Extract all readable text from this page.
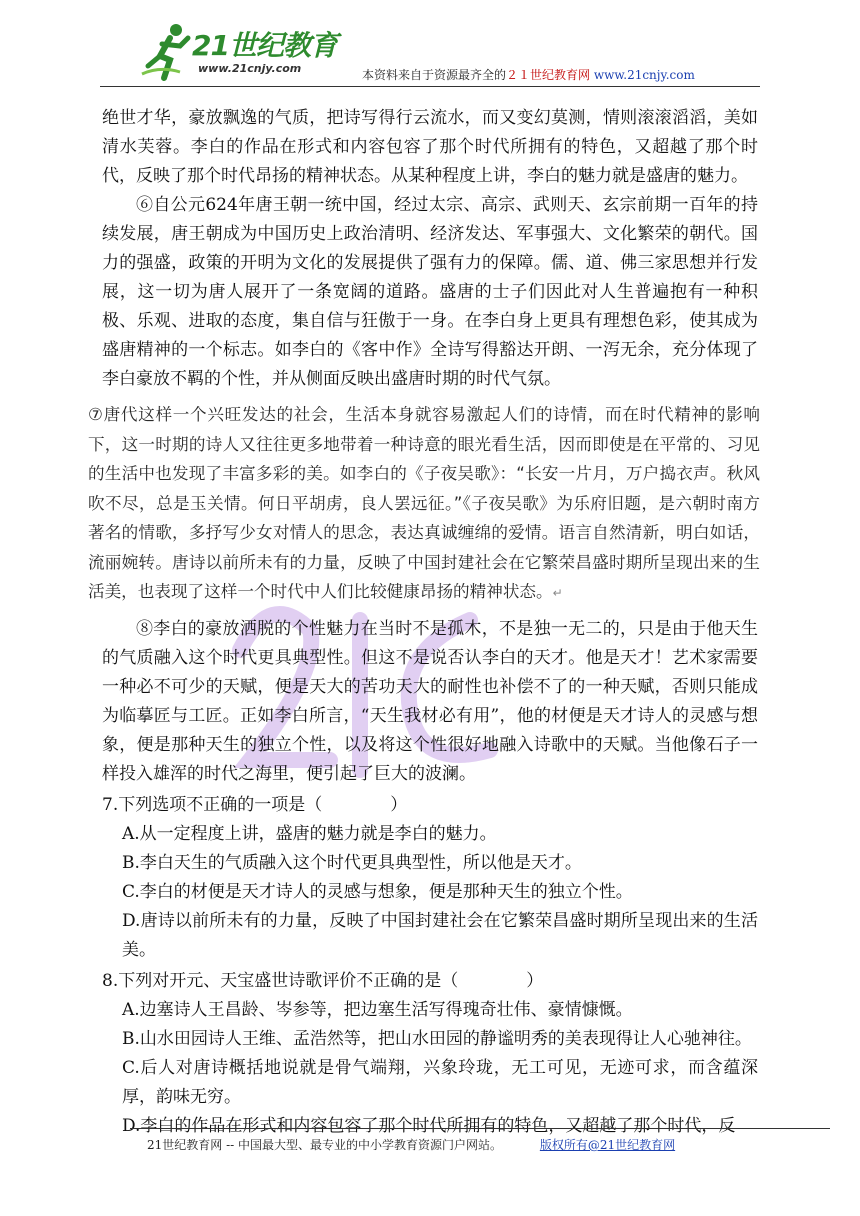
21世纪教育
www.21cnjy.com	本资料来自于资源最齐全的２１世纪教育网 www.21cnjy.com

绝世才华，豪放飘逸的气质，把诗写得行云流水，而又变幻莫测，情则滚滚滔滔，美如清水芙蓉。李白的作品在形式和内容包容了那个时代所拥有的特色，又超越了那个时代，反映了那个时代昂扬的精神状态。从某种程度上讲，李白的魅力就是盛唐的魅力。

⑥自公元624年唐王朝一统中国，经过太宗、高宗、武则天、玄宗前期一百年的持续发展，唐王朝成为中国历史上政治清明、经济发达、军事强大、文化繁荣的朝代。国力的强盛，政策的开明为文化的发展提供了强有力的保障。儒、道、佛三家思想并行发展，这一切为唐人展开了一条宽阔的道路。盛唐的士子们因此对人生普遍抱有一种积极、乐观、进取的态度，集自信与狂傲于一身。在李白身上更具有理想色彩，使其成为盛唐精神的一个标志。如李白的《客中作》全诗写得豁达开朗、一泻无余，充分体现了李白豪放不羁的个性，并从侧面反映出盛唐时期的时代气氛。

⑦唐代这样一个兴旺发达的社会，生活本身就容易激起人们的诗情，而在时代精神的影响下，这一时期的诗人又往往更多地带着一种诗意的眼光看生活，因而即使是在平常的、习见的生活中也发现了丰富多彩的美。如李白的《子夜吴歌》：“长安一片月，万户捣衣声。秋风吹不尽，总是玉关情。何日平胡虏，良人罢远征。”《子夜吴歌》为乐府旧题，是六朝时南方著名的情歌，多抒写少女对情人的思念，表达真诚缠绵的爱情。语言自然清新，明白如话，流丽婉转。唐诗以前所未有的力量，反映了中国封建社会在它繁荣昌盛时期所呈现出来的生活美，也表现了这样一个时代中人们比较健康昂扬的精神状态。↵

⑧李白的豪放洒脱的个性魅力在当时不是孤木，不是独一无二的，只是由于他天生的气质融入这个时代更具典型性。但这不是说否认李白的天才。他是天才！艺术家需要一种必不可少的天赋，便是天大的苦功天大的耐性也补偿不了的一种天赋，否则只能成为临摹匠与工匠。正如李白所言，“天生我材必有用”，他的材便是天才诗人的灵感与想象，便是那种天生的独立个性，以及将这个性很好地融入诗歌中的天赋。当他像石子一样投入雄浑的时代之海里，便引起了巨大的波澜。

7.下列选项不正确的一项是（　　　　）

A.从一定程度上讲，盛唐的魅力就是李白的魅力。

B.李白天生的气质融入这个时代更具典型性，所以他是天才。

C.李白的材便是天才诗人的灵感与想象，便是那种天生的独立个性。

D.唐诗以前所未有的力量，反映了中国封建社会在它繁荣昌盛时期所呈现出来的生活美。

8.下列对开元、天宝盛世诗歌评价不正确的是（　　　　）

A.边塞诗人王昌龄、岑参等，把边塞生活写得瑰奇壮伟、豪情慷慨。

B.山水田园诗人王维、孟浩然等，把山水田园的静谧明秀的美表现得让人心驰神往。

C.后人对唐诗概括地说就是骨气端翔，兴象玲珑，无工可见，无迹可求，而含蕴深厚，韵味无穷。

D.李白的作品在形式和内容包容了那个时代所拥有的特色，又超越了那个时代，反

21世纪教育网 -- 中国最大型、最专业的中小学教育资源门户网站。	版权所有@21世纪教育网
